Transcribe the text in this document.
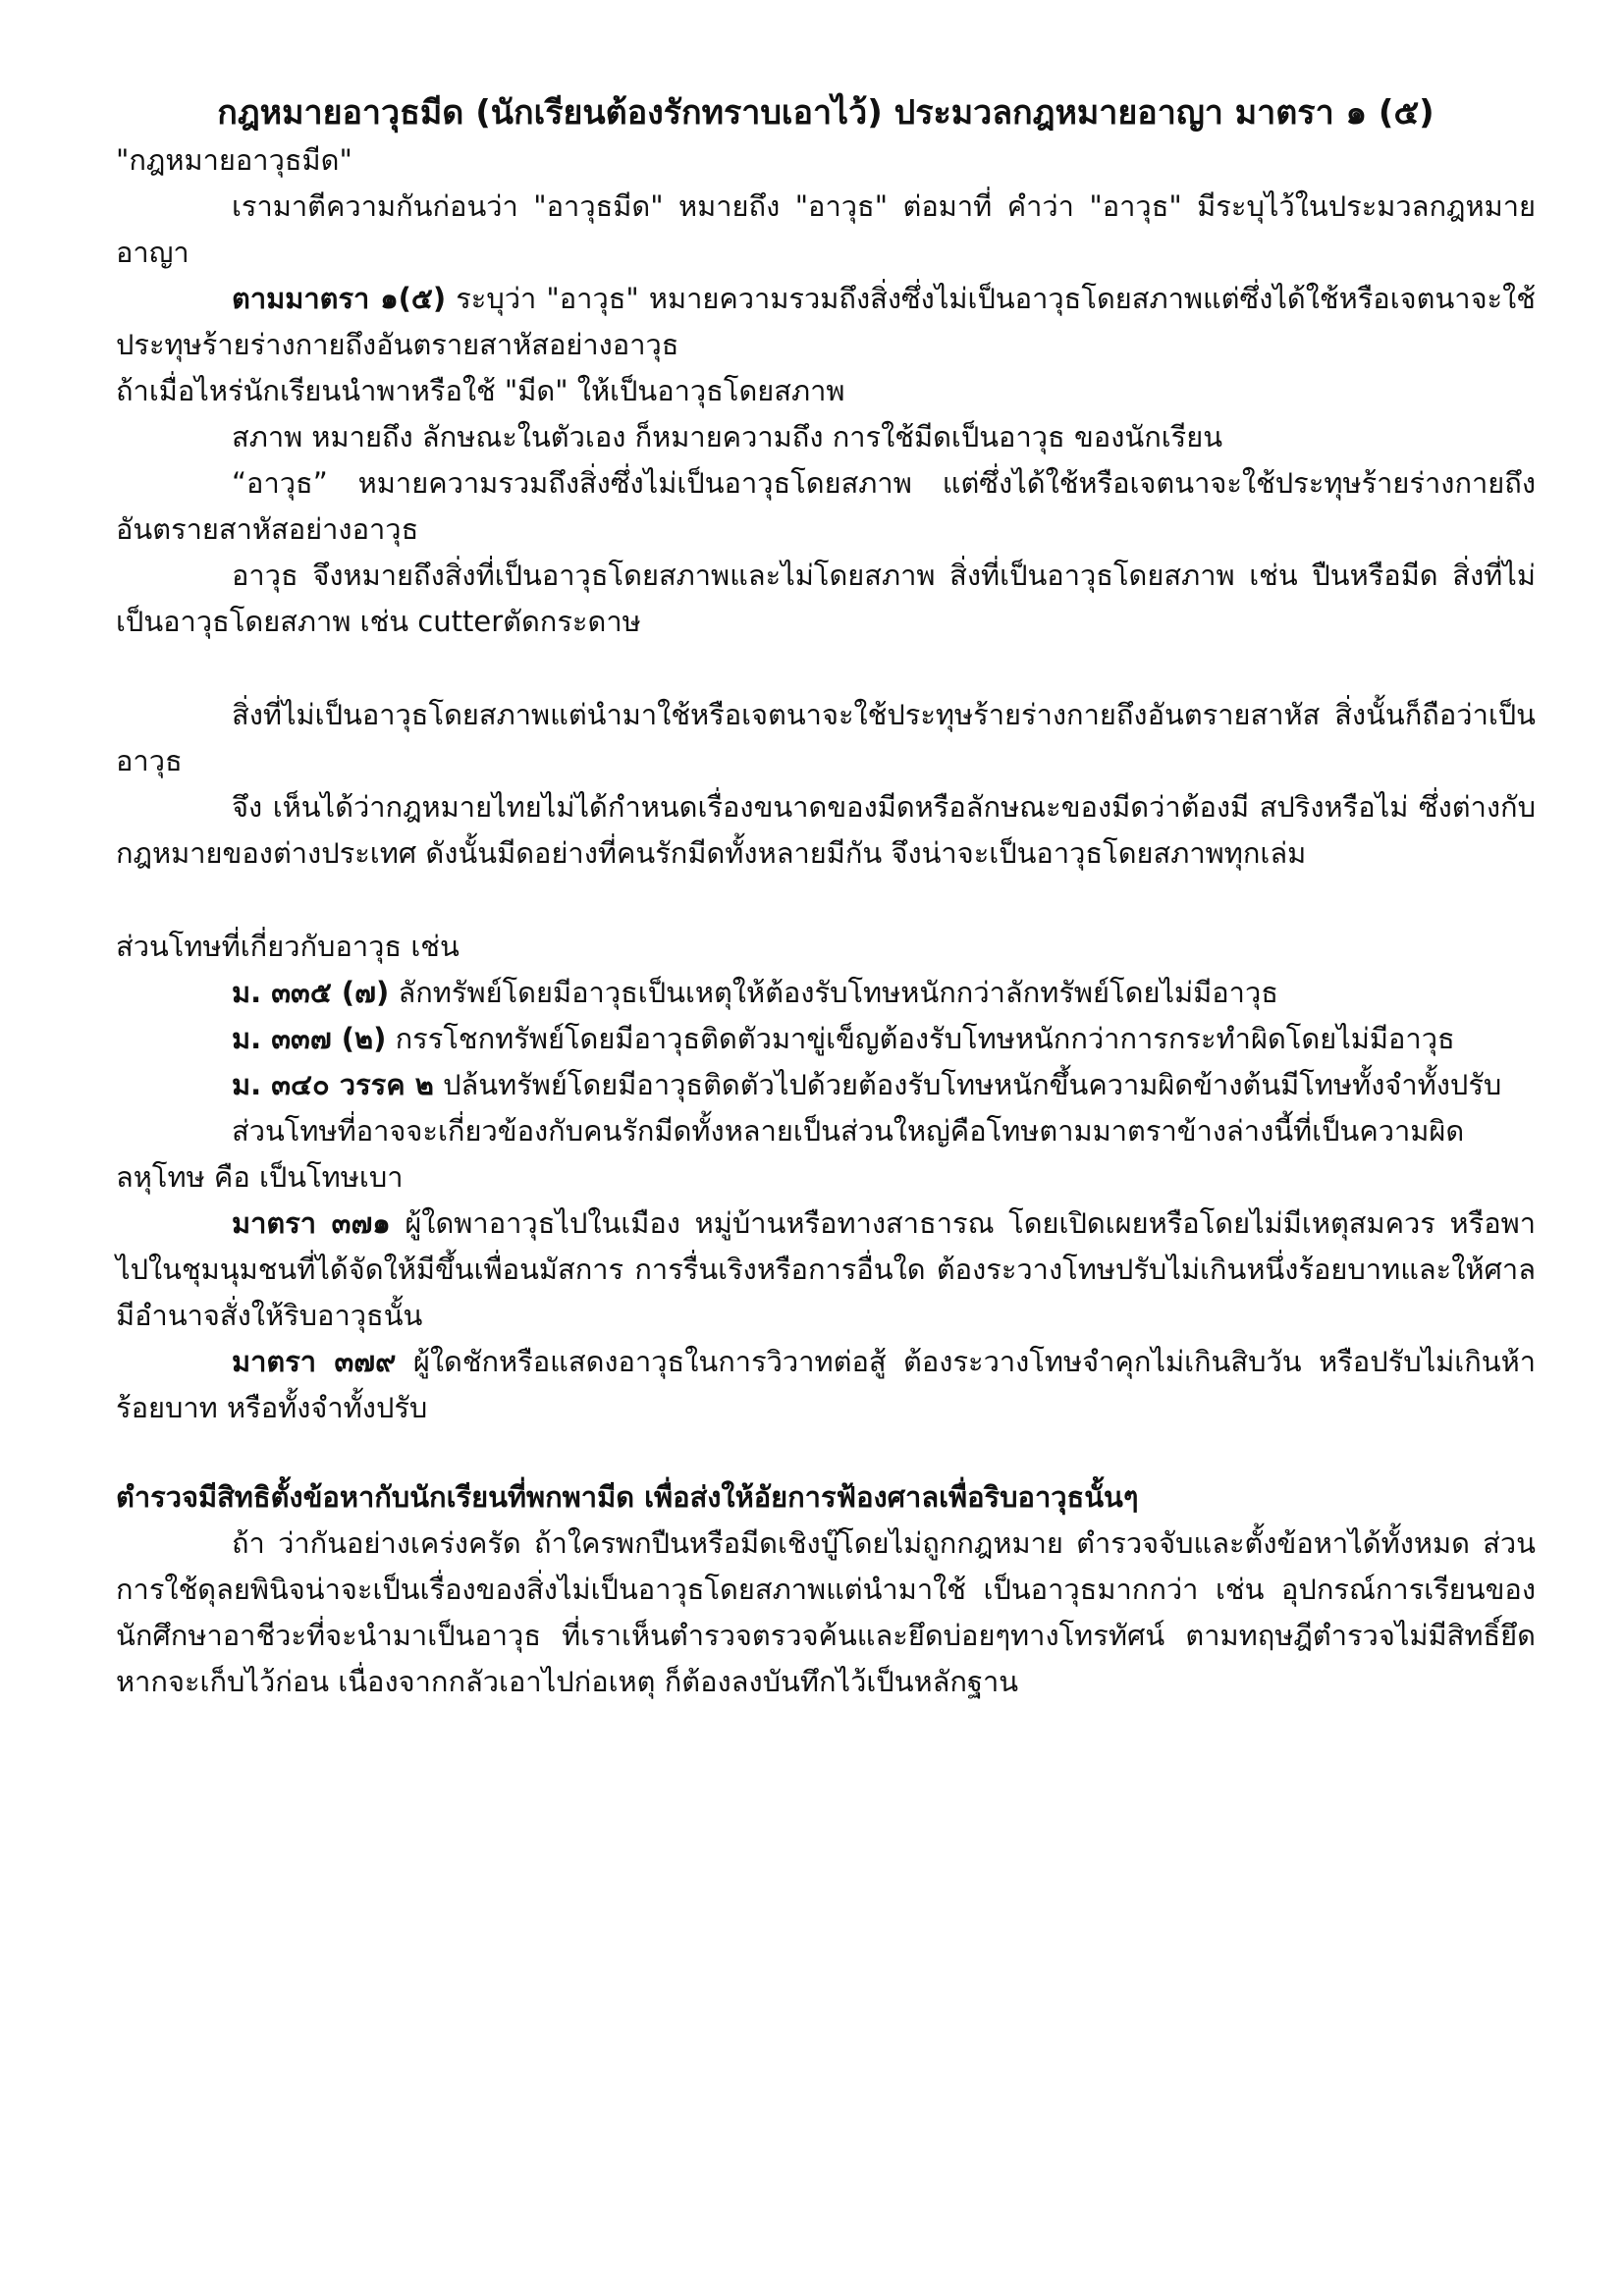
กฎหมายอาวุธมีด (นักเรียนต้องรักทราบเอาไว้) ประมวลกฎหมายอาญา มาตรา ๑ (๕)

"กฎหมายอาวุธมีด"

เรามาตีความกันก่อนว่า "อาวุธมีด" หมายถึง "อาวุธ" ต่อมาที่ คำว่า "อาวุธ" มีระบุไว้ในประมวลกฎหมายอาญา

ตามมาตรา ๑(๕) ระบุว่า "อาวุธ" หมายความรวมถึงสิ่งซึ่งไม่เป็นอาวุธโดยสภาพแต่ซึ่งได้ใช้หรือเจตนาจะใช้ประทุษร้ายร่างกายถึงอันตรายสาหัสอย่างอาวุธ

ถ้าเมื่อไหร่นักเรียนนำพาหรือใช้ "มีด" ให้เป็นอาวุธโดยสภาพ

สภาพ หมายถึง ลักษณะในตัวเอง ก็หมายความถึง การใช้มีดเป็นอาวุธ ของนักเรียน

“อาวุธ” หมายความรวมถึงสิ่งซึ่งไม่เป็นอาวุธโดยสภาพ แต่ซึ่งได้ใช้หรือเจตนาจะใช้ประทุษร้ายร่างกายถึงอันตรายสาหัสอย่างอาวุธ

อาวุธ จึงหมายถึงสิ่งที่เป็นอาวุธโดยสภาพและไม่โดยสภาพ สิ่งที่เป็นอาวุธโดยสภาพ เช่น ปืนหรือมีด สิ่งที่ไม่เป็นอาวุธโดยสภาพ เช่น cutterตัดกระดาษ

สิ่งที่ไม่เป็นอาวุธโดยสภาพแต่นำมาใช้หรือเจตนาจะใช้ประทุษร้ายร่างกายถึงอันตรายสาหัส สิ่งนั้นก็ถือว่าเป็นอาวุธ

จึง เห็นได้ว่ากฎหมายไทยไม่ได้กำหนดเรื่องขนาดของมีดหรือลักษณะของมีดว่าต้องมี สปริงหรือไม่ ซึ่งต่างกับกฎหมายของต่างประเทศ ดังนั้นมีดอย่างที่คนรักมีดทั้งหลายมีกัน จึงน่าจะเป็นอาวุธโดยสภาพทุกเล่ม

ส่วนโทษที่เกี่ยวกับอาวุธ เช่น

ม. ๓๓๕ (๗) ลักทรัพย์โดยมีอาวุธเป็นเหตุให้ต้องรับโทษหนักกว่าลักทรัพย์โดยไม่มีอาวุธ

ม. ๓๓๗ (๒) กรรโชกทรัพย์โดยมีอาวุธติดตัวมาขู่เข็ญต้องรับโทษหนักกว่าการกระทำผิดโดยไม่มีอาวุธ

ม. ๓๔๐ วรรค ๒ ปล้นทรัพย์โดยมีอาวุธติดตัวไปด้วยต้องรับโทษหนักขึ้นความผิดข้างต้นมีโทษทั้งจำทั้งปรับ

ส่วนโทษที่อาจจะเกี่ยวข้องกับคนรักมีดทั้งหลายเป็นส่วนใหญ่คือโทษตามมาตราข้างล่างนี้ที่เป็นความผิดลหุโทษ คือ เป็นโทษเบา

มาตรา ๓๗๑ ผู้ใดพาอาวุธไปในเมือง หมู่บ้านหรือทางสาธารณ โดยเปิดเผยหรือโดยไม่มีเหตุสมควร หรือพาไปในชุมนุมชนที่ได้จัดให้มีขึ้นเพื่อนมัสการ การรื่นเริงหรือการอื่นใด ต้องระวางโทษปรับไม่เกินหนึ่งร้อยบาทและให้ศาลมีอำนาจสั่งให้ริบอาวุธนั้น

มาตรา ๓๗๙ ผู้ใดชักหรือแสดงอาวุธในการวิวาทต่อสู้ ต้องระวางโทษจำคุกไม่เกินสิบวัน หรือปรับไม่เกินห้าร้อยบาท หรือทั้งจำทั้งปรับ

ตำรวจมีสิทธิตั้งข้อหากับนักเรียนที่พกพามีด เพื่อส่งให้อัยการฟ้องศาลเพื่อริบอาวุธนั้นๆ

ถ้า ว่ากันอย่างเคร่งครัด ถ้าใครพกปืนหรือมีดเชิงบู๊โดยไม่ถูกกฎหมาย ตำรวจจับและตั้งข้อหาได้ทั้งหมด ส่วนการใช้ดุลยพินิจน่าจะเป็นเรื่องของสิ่งไม่เป็นอาวุธโดยสภาพแต่นำมาใช้ เป็นอาวุธมากกว่า เช่น อุปกรณ์การเรียนของนักศึกษาอาชีวะที่จะนำมาเป็นอาวุธ ที่เราเห็นตำรวจตรวจค้นและยึดบ่อยๆทางโทรทัศน์ ตามทฤษฎีตำรวจไม่มีสิทธิ์ยึด หากจะเก็บไว้ก่อน เนื่องจากกลัวเอาไปก่อเหตุ ก็ต้องลงบันทึกไว้เป็นหลักฐาน
